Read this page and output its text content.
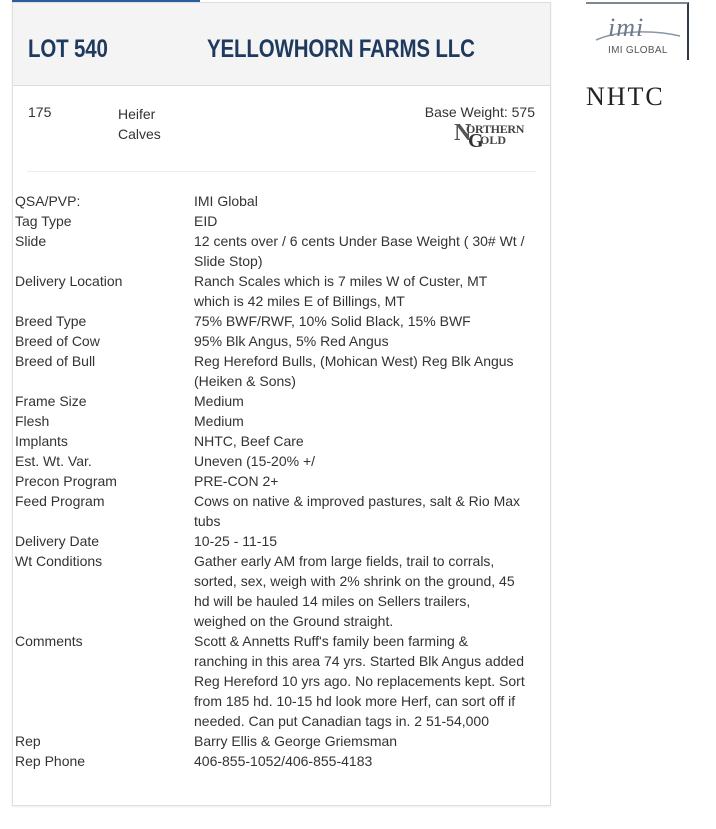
LOT 540	YELLOWHORN FARMS LLC
175	Heifer Calves
Base Weight: 575
N
ORTHERN
G
OLD
QSA/PVP:	IMI Global
Tag Type	EID
Slide	12 cents over / 6 cents Under Base Weight ( 30# Wt / Slide Stop)
Delivery Location	Ranch Scales which is 7 miles W of Custer, MT which is 42 miles E of Billings, MT
Breed Type	75% BWF/RWF, 10% Solid Black, 15% BWF
Breed of Cow	95% Blk Angus, 5% Red Angus
Breed of Bull	Reg Hereford Bulls, (Mohican West) Reg Blk Angus (Heiken & Sons)
Frame Size	Medium
Flesh	Medium
Implants	NHTC, Beef Care
Est. Wt. Var.	Uneven (15-20% +/
Precon Program	PRE-CON 2+
Feed Program	Cows on native & improved pastures, salt & Rio Max tubs
Delivery Date	10-25 - 11-15
Wt Conditions	Gather early AM from large fields, trail to corrals, sorted, sex, weigh with 2% shrink on the ground, 45 hd will be hauled 14 miles on Sellers trailers, weighed on the Ground straight.
Comments	Scott & Annetts Ruff's family been farming & ranching in this area 74 yrs. Started Blk Angus added Reg Hereford 10 yrs ago. No replacements kept. Sort from 185 hd. 10-15 hd look more Herf, can sort off if needed. Can put Canadian tags in. 2 51-54,000
Rep	Barry Ellis & George Griemsman
Rep Phone	406-855-1052/406-855-4183
imi
IMI GLOBAL
NHTC
